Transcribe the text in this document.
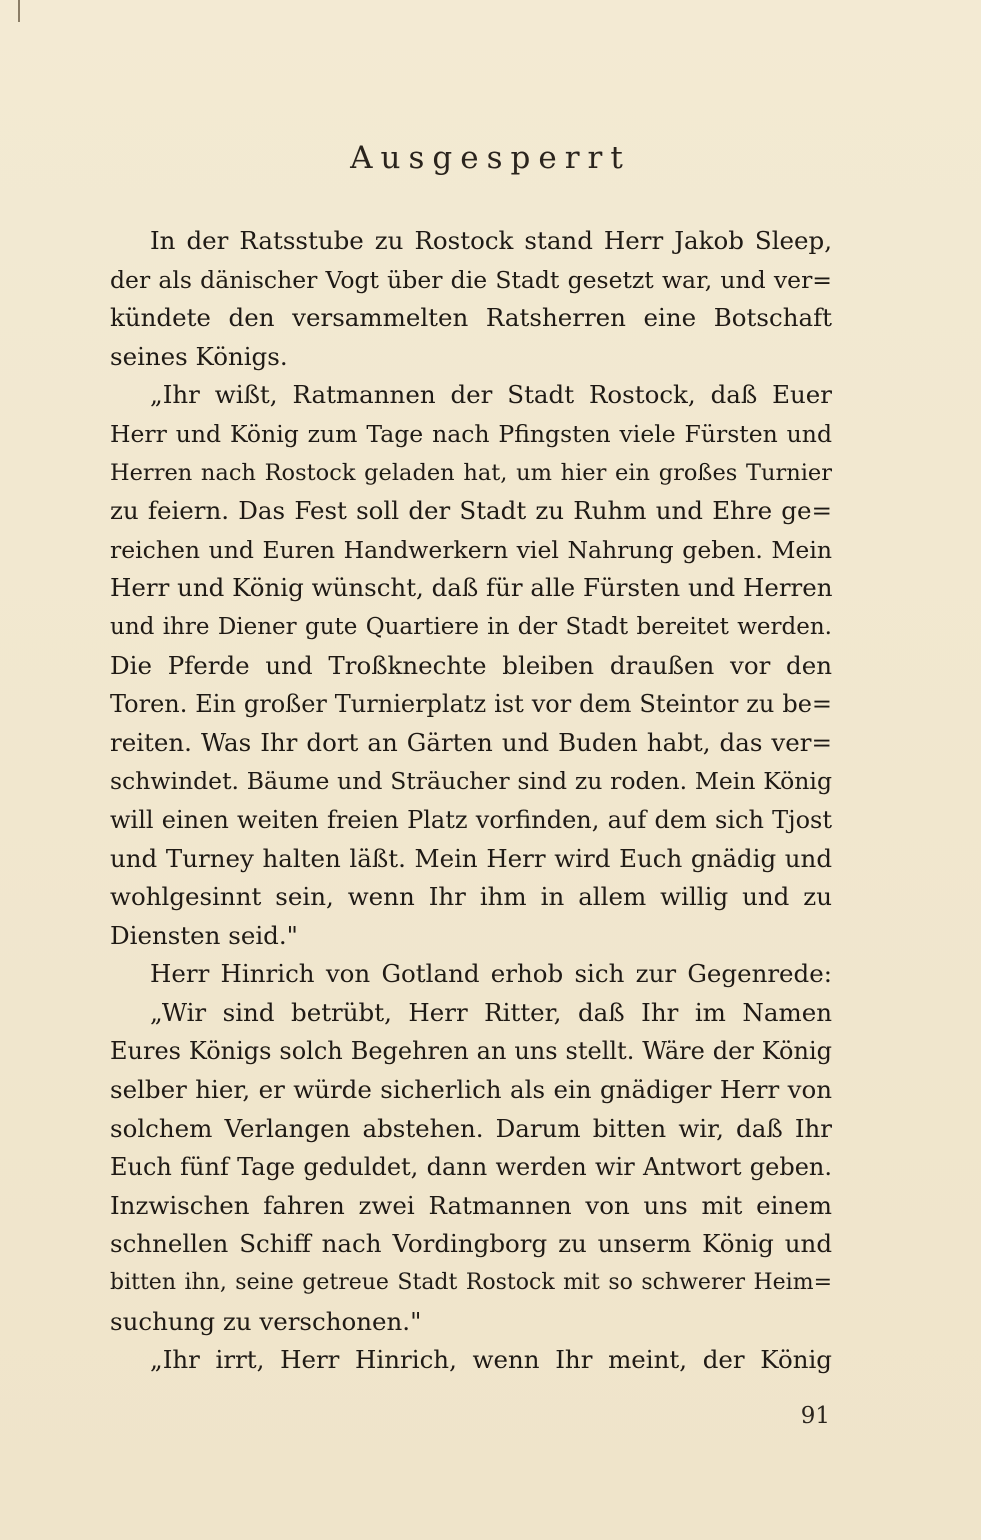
Ausgesperrt
In der Ratsstube zu Rostock stand Herr Jakob Sleep,
der als dänischer Vogt über die Stadt gesetzt war, und ver=
kündete den versammelten Ratsherren eine Botschaft
seines Königs.
„Ihr wißt, Ratmannen der Stadt Rostock, daß Euer
Herr und König zum Tage nach Pfingsten viele Fürsten und
Herren nach Rostock geladen hat, um hier ein großes Turnier
zu feiern. Das Fest soll der Stadt zu Ruhm und Ehre ge=
reichen und Euren Handwerkern viel Nahrung geben. Mein
Herr und König wünscht, daß für alle Fürsten und Herren
und ihre Diener gute Quartiere in der Stadt bereitet werden.
Die Pferde und Troßknechte bleiben draußen vor den
Toren. Ein großer Turnierplatz ist vor dem Steintor zu be=
reiten. Was Ihr dort an Gärten und Buden habt, das ver=
schwindet. Bäume und Sträucher sind zu roden. Mein König
will einen weiten freien Platz vorfinden, auf dem sich Tjost
und Turney halten läßt. Mein Herr wird Euch gnädig und
wohlgesinnt sein, wenn Ihr ihm in allem willig und zu
Diensten seid."
Herr Hinrich von Gotland erhob sich zur Gegenrede:
„Wir sind betrübt, Herr Ritter, daß Ihr im Namen
Eures Königs solch Begehren an uns stellt. Wäre der König
selber hier, er würde sicherlich als ein gnädiger Herr von
solchem Verlangen abstehen. Darum bitten wir, daß Ihr
Euch fünf Tage geduldet, dann werden wir Antwort geben.
Inzwischen fahren zwei Ratmannen von uns mit einem
schnellen Schiff nach Vordingborg zu unserm König und
bitten ihn, seine getreue Stadt Rostock mit so schwerer Heim=
suchung zu verschonen."
„Ihr irrt, Herr Hinrich, wenn Ihr meint, der König
91
